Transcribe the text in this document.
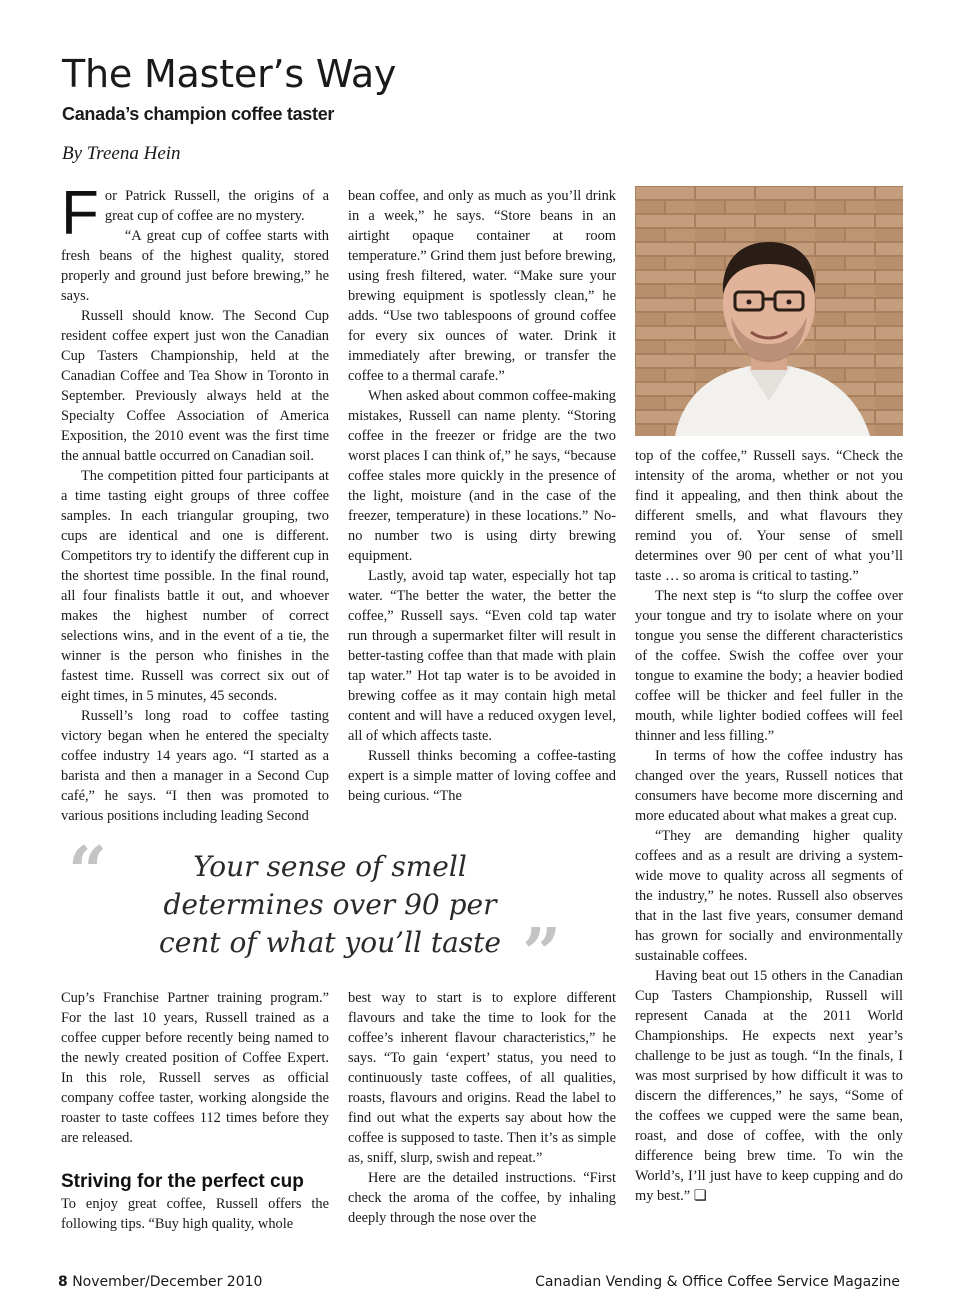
The Master’s Way
Canada’s champion coffee taster

By Treena Hein

For Patrick Russell, the origins of a great cup of coffee are no mystery.

“A great cup of coffee starts with fresh beans of the highest quality, stored properly and ground just before brewing,” he says.

Russell should know. The Second Cup resident coffee expert just won the Canadian Cup Tasters Championship, held at the Canadian Coffee and Tea Show in Toronto in September. Previously always held at the Specialty Coffee Association of America Exposition, the 2010 event was the first time the annual battle occurred on Canadian soil.

The competition pitted four participants at a time tasting eight groups of three coffee samples. In each triangular grouping, two cups are identical and one is different. Competitors try to identify the different cup in the shortest time possible. In the final round, all four finalists battle it out, and whoever makes the highest number of correct selections wins, and in the event of a tie, the winner is the person who finishes in the fastest time. Russell was correct six out of eight times, in 5 minutes, 45 seconds.

Russell’s long road to coffee tasting victory began when he entered the specialty coffee industry 14 years ago. “I started as a barista and then a manager in a Second Cup café,” he says. “I then was promoted to various positions including leading Second

bean coffee, and only as much as you’ll drink in a week,” he says. “Store beans in an airtight opaque container at room temperature.” Grind them just before brewing, using fresh filtered, water. “Make sure your brewing equipment is spotlessly clean,” he adds. “Use two tablespoons of ground coffee for every six ounces of water. Drink it immediately after brewing, or transfer the coffee to a thermal carafe.”

When asked about common coffee-making mistakes, Russell can name plenty. “Storing coffee in the freezer or fridge are the two worst places I can think of,” he says, “because coffee stales more quickly in the presence of the light, moisture (and in the case of the freezer, temperature) in these locations.” No-no number two is using dirty brewing equipment.

Lastly, avoid tap water, especially hot tap water. “The better the water, the better the coffee,” Russell says. “Even cold tap water run through a supermarket filter will result in better-tasting coffee than that made with plain tap water.” Hot tap water is to be avoided in brewing coffee as it may contain high metal content and will have a reduced oxygen level, all of which affects taste.

Russell thinks becoming a coffee-tasting expert is a simple matter of loving coffee and being curious. “The

top of the coffee,” Russell says. “Check the intensity of the aroma, whether or not you find it appealing, and then think about the different smells, and what flavours they remind you of. Your sense of smell determines over 90 per cent of what you’ll taste … so aroma is critical to tasting.”

The next step is “to slurp the coffee over your tongue and try to isolate where on your tongue you sense the different characteristics of the coffee. Swish the coffee over your tongue to examine the body; a heavier bodied coffee will be thicker and feel fuller in the mouth, while lighter bodied coffees will feel thinner and less filling.”

In terms of how the coffee industry has changed over the years, Russell notices that consumers have become more discerning and more educated about what makes a great cup.

“They are demanding higher quality coffees and as a result are driving a system-wide move to quality across all segments of the industry,” he notes. Russell also observes that in the last five years, consumer demand has grown for socially and environmentally sustainable coffees.

Having beat out 15 others in the Canadian Cup Tasters Championship, Russell will represent Canada at the 2011 World Championships. He expects next year’s challenge to be just as tough. “In the finals, I was most surprised by how difficult it was to discern the differences,” he says, “Some of the coffees we cupped were the same bean, roast, and dose of coffee, with the only difference being brew time. To win the World’s, I’ll just have to keep cupping and do my best.” ❏

“	Your sense of smell determines over 90 per cent of what you’ll taste ”

Cup’s Franchise Partner training program.” For the last 10 years, Russell trained as a coffee cupper before recently being named to the newly created position of Coffee Expert. In this role, Russell serves as official company coffee taster, working alongside the roaster to taste coffees 112 times before they are released.

Striving for the perfect cup

To enjoy great coffee, Russell offers the following tips. “Buy high quality, whole

best way to start is to explore different flavours and take the time to look for the coffee’s inherent flavour characteristics,” he says. “To gain ‘expert’ status, you need to continuously taste coffees, of all qualities, roasts, flavours and origins. Read the label to find out what the experts say about how the coffee is supposed to taste. Then it’s as simple as, sniff, slurp, swish and repeat.”

Here are the detailed instructions. “First check the aroma of the coffee, by inhaling deeply through the nose over the

8 November/December 2010	Canadian Vending & Office Coffee Service Magazine
